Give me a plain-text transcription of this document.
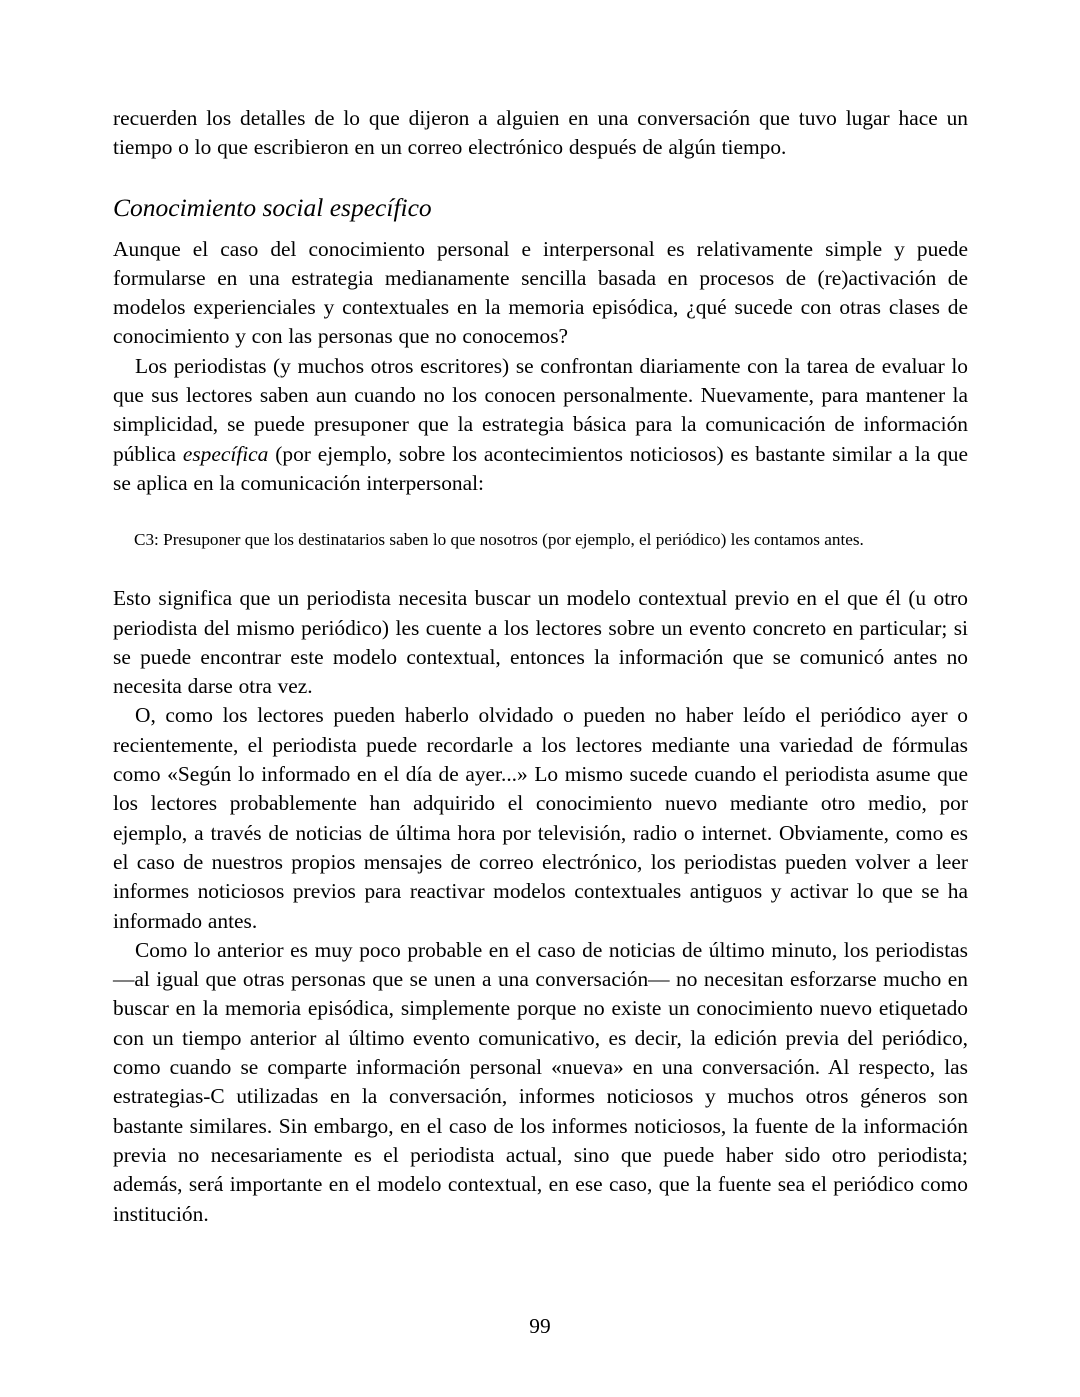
recuerden los detalles de lo que dijeron a alguien en una conversación que tuvo lugar hace un tiempo o lo que escribieron en un correo electrónico después de algún tiempo.

Conocimiento social específico

Aunque el caso del conocimiento personal e interpersonal es relativamente simple y puede formularse en una estrategia medianamente sencilla basada en procesos de (re)activación de modelos experienciales y contextuales en la memoria episódica, ¿qué sucede con otras clases de conocimiento y con las personas que no conocemos?

Los periodistas (y muchos otros escritores) se confrontan diariamente con la tarea de evaluar lo que sus lectores saben aun cuando no los conocen personalmente. Nuevamente, para mantener la simplicidad, se puede presuponer que la estrategia básica para la comunicación de información pública específica (por ejemplo, sobre los acontecimientos noticiosos) es bastante similar a la que se aplica en la comunicación interpersonal:

C3: Presuponer que los destinatarios saben lo que nosotros (por ejemplo, el periódico) les contamos antes.

Esto significa que un periodista necesita buscar un modelo contextual previo en el que él (u otro periodista del mismo periódico) les cuente a los lectores sobre un evento concreto en particular; si se puede encontrar este modelo contextual, entonces la información que se comunicó antes no necesita darse otra vez.

O, como los lectores pueden haberlo olvidado o pueden no haber leído el periódico ayer o recientemente, el periodista puede recordarle a los lectores mediante una variedad de fórmulas como «Según lo informado en el día de ayer...» Lo mismo sucede cuando el periodista asume que los lectores probablemente han adquirido el conocimiento nuevo mediante otro medio, por ejemplo, a través de noticias de última hora por televisión, radio o internet. Obviamente, como es el caso de nuestros propios mensajes de correo electrónico, los periodistas pueden volver a leer informes noticiosos previos para reactivar modelos contextuales antiguos y activar lo que se ha informado antes.

Como lo anterior es muy poco probable en el caso de noticias de último minuto, los periodistas —al igual que otras personas que se unen a una conversación— no necesitan esforzarse mucho en buscar en la memoria episódica, simplemente porque no existe un conocimiento nuevo etiquetado con un tiempo anterior al último evento comunicativo, es decir, la edición previa del periódico, como cuando se comparte información personal «nueva» en una conversación. Al respecto, las estrategias-C utilizadas en la conversación, informes noticiosos y muchos otros géneros son bastante similares. Sin embargo, en el caso de los informes noticiosos, la fuente de la información previa no necesariamente es el periodista actual, sino que puede haber sido otro periodista; además, será importante en el modelo contextual, en ese caso, que la fuente sea el periódico como institución.

99
